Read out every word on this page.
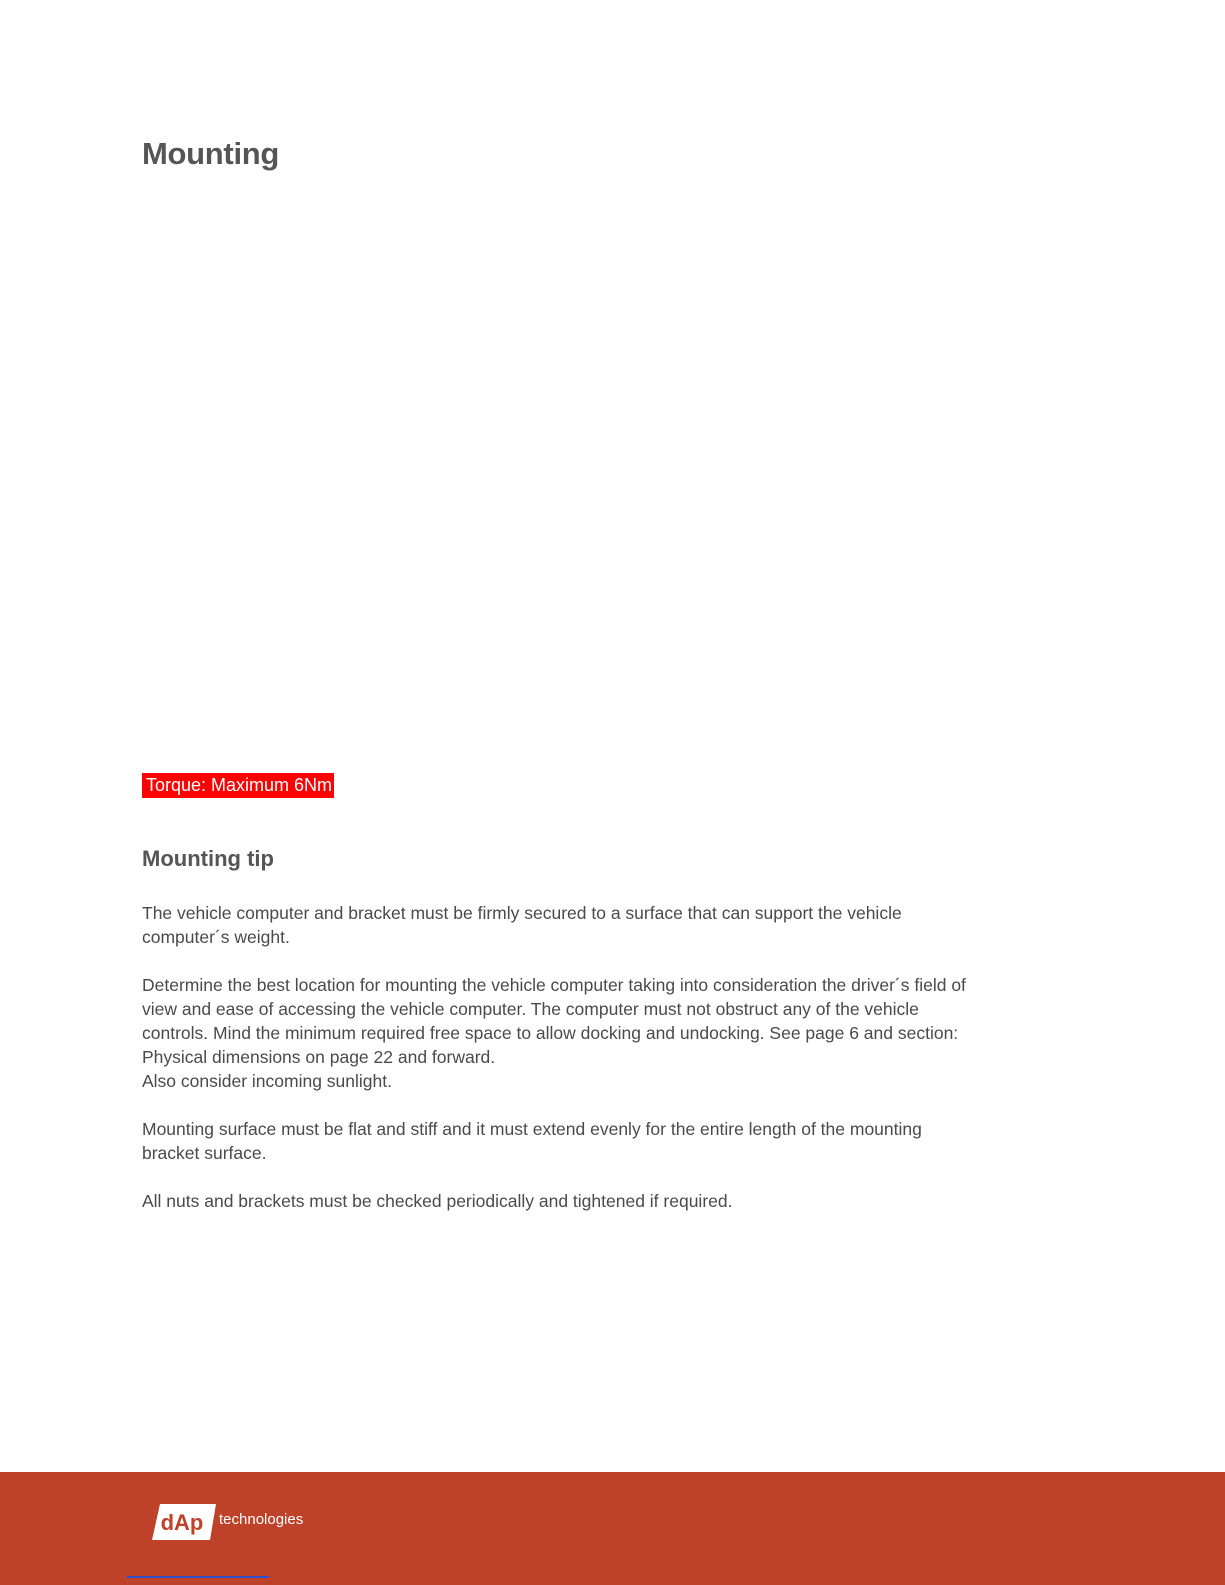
Mounting
Torque: Maximum 6Nm
Mounting tip

The vehicle computer and bracket must be firmly secured to a surface that can support the vehicle
computer´s weight.

Determine the best location for mounting the vehicle computer taking into consideration the driver´s field of
view and ease of accessing the vehicle computer. The computer must not obstruct any of the vehicle
controls. Mind the minimum required free space to allow docking and undocking. See page 6 and section:
Physical dimensions on page 22 and forward.
Also consider incoming sunlight.

Mounting surface must be flat and stiff and it must extend evenly for the entire length of the mounting
bracket surface.

All nuts and brackets must be checked periodically and tightened if required.

dAp technologies
